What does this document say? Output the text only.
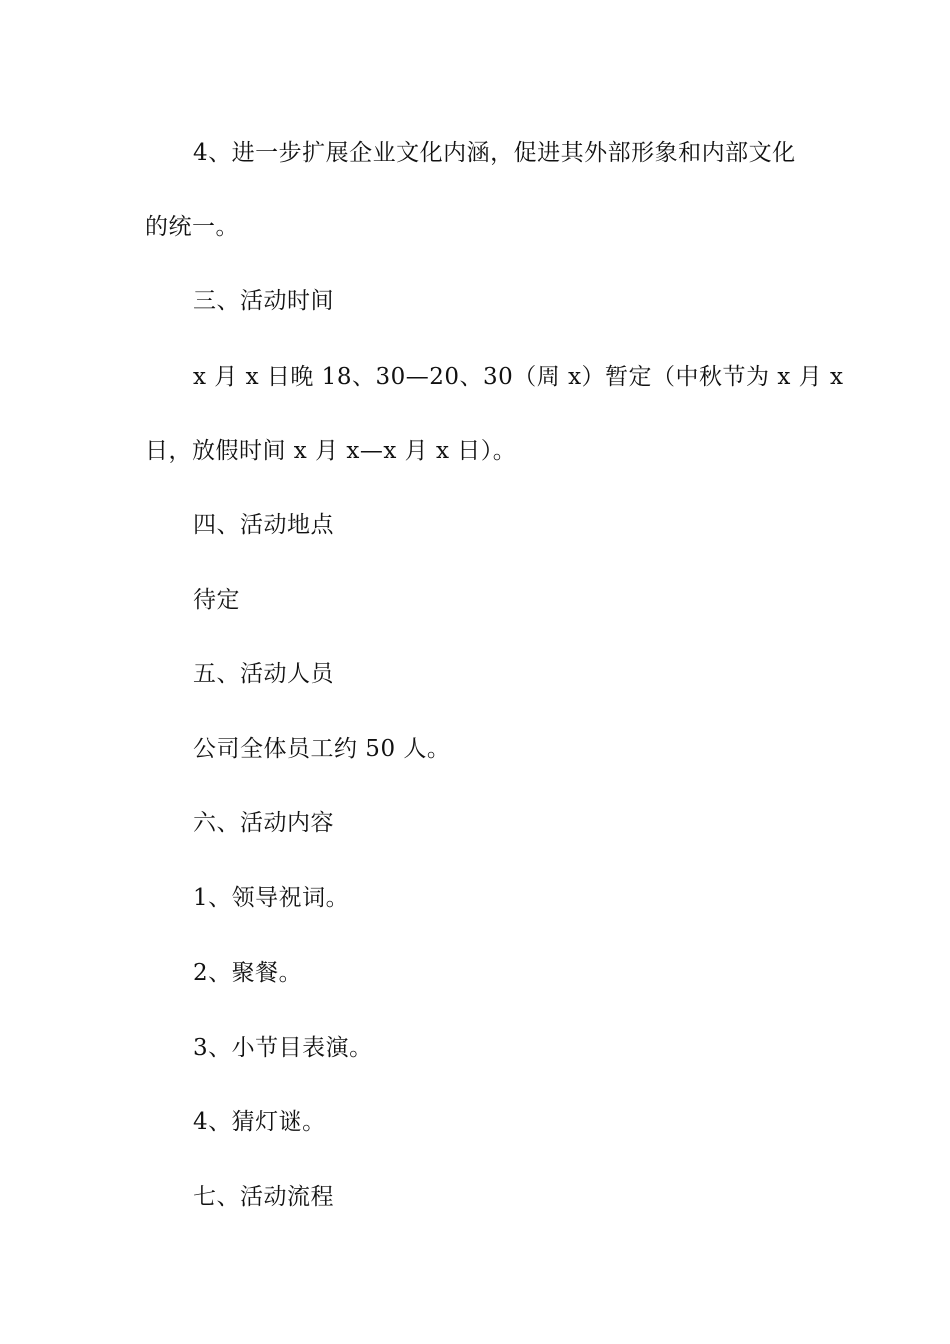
4、进一步扩展企业文化内涵，促进其外部形象和内部文化
的统一。
三、活动时间
x 月 x 日晚 18、30—20、30（周 x）暂定（中秋节为 x 月 x
日，放假时间 x 月 x—x 月 x 日）。
四、活动地点
待定
五、活动人员
公司全体员工约 50 人。
六、活动内容
1、领导祝词。
2、聚餐。
3、小节目表演。
4、猜灯谜。
七、活动流程
